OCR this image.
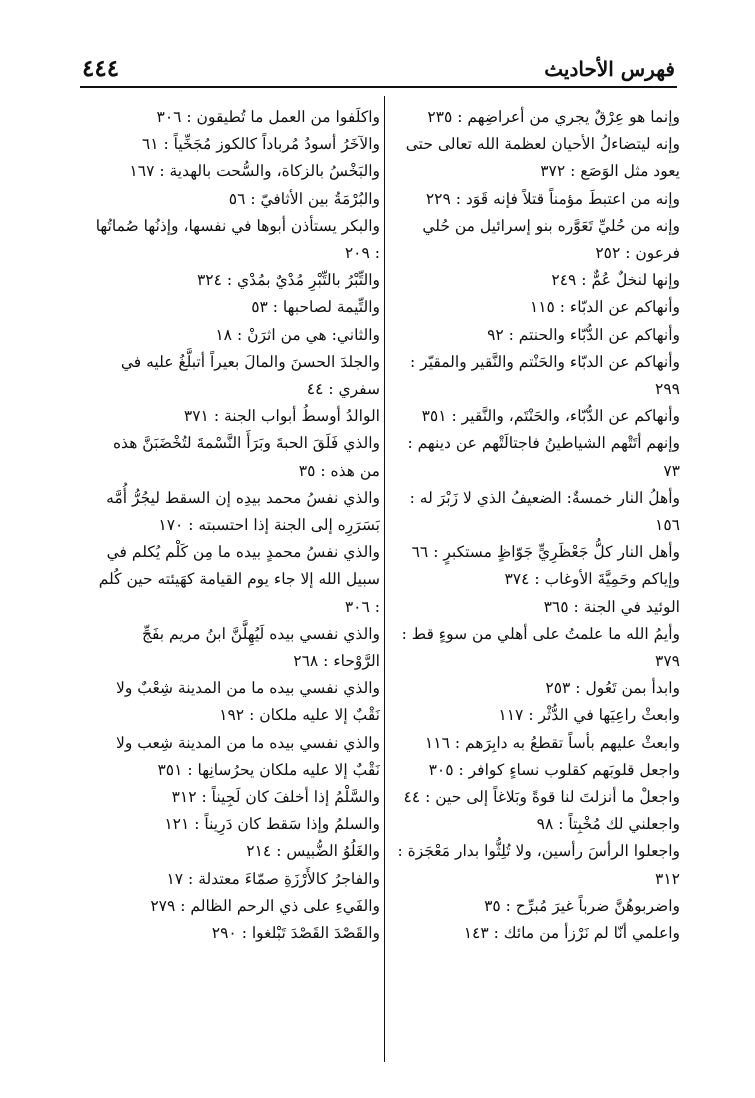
٤٤٤	فهرس الأحاديث

وإنما هو عِرْقٌ يجري من أعراضِهم : ٢٣٥

وإنه ليتضاءلُ الأحيان لعظمة الله تعالى حتى يعود مثل الوَصَع : ٣٧٢

وإنه من اعتبطَ مؤمناً قتلاً فإنه قَوَد : ٢٢٩

وإنه من حُليِّ تَعَوَّره بنو إسرائيل من حُلي فرعون : ٢٥٢

وإنها لنخلٌ عُمٌّ : ٢٤٩

وأنهاكم عن الدبّاء : ١١٥

وأنهاكم عن الدُّبّاء والحنتم : ٩٢

وأنهاكم عن الدبّاء والحَنْتم والنَّقير والمقيّر : ٢٩٩

وأنهاكم عن الدُّبّاء، والحَنْتَم، والنَّقير : ٣٥١

وإنهم أتَتْهم الشياطينُ فاجتالَتْهم عن دينهم : ٧٣

وأهلُ النار خمسةٌ: الضعيفُ الذي لا زَبْرَ له : ١٥٦

وأهل النار كلُّ جَعْظَرِيٍّ جَوّاظٍ مستكبرٍ : ٦٦

وإياكم وحَمِيَّةَ الأوغاب : ٣٧٤

الوئيد في الجنة : ٣٦٥

وأيمُ الله ما علمتُ على أهلي من سوءٍ قط : ٣٧٩

وابدأ بمن تَعُول : ٢٥٣

وابعثْ راعِيَها في الدُّثْر : ١١٧

وابعثْ عليهم بأساً تقطعُ به دابِرَهم : ١١٦

واجعل قلوبَهم كقلوب نساءٍ كوافر : ٣٠٥

واجعلْ ما أنزلتَ لنا قوةً وبَلاغاً إلى حين : ٤٤

واجعلني لك مُخْبِتاً : ٩٨

واجعلوا الرأسَ رأسين، ولا تُلِثُّوا بدار مَعْجَزة : ٣١٢

واضربوهُنَّ ضرباً غيرَ مُبرِّح : ٣٥

واعلمي أنّا لم نَرْزأ من مائك : ١٤٣

واكلَفوا من العمل ما تُطيقون : ٣٠٦

والآخَرُ أسودُ مُرباداً كالكوز مُجَخِّياً : ٦١

والبَخْسُ بالزكاة، والسُّحت بالهدية : ١٦٧

والبُرْمَةُ بين الأثافيّ : ٥٦

والبكر يستأذن أبوها في نفسها، وإذنُها صُماتُها : ٢٠٩

والتِّبْرُ بالتِّبْرِ مُدْيٌ بمُدْي : ٣٢٤

والتِّيمة لصاحبها : ٥٣

والثاني: هي من اثرَنْ : ١٨

والجلدَ الحسنَ والمالَ بعيراً أتبلَّغُ عليه في سفري : ٤٤

الوالدُ أوسطُ أبواب الجنة : ٣٧١

والذي فَلَقَ الحبةَ وبَرَأَ النَّسْمةَ لتُخْضَبَنَّ هذه من هذه : ٣٥

والذي نفسُ محمد بيدِه إن السقط ليجُرُّ أُمَّه بَسَرَرِه إلى الجنة إذا احتسبته : ١٧٠

والذي نفسُ محمدٍ بيده ما مِن كَلْم يُكلم في سبيل الله إلا جاء يوم القيامة كهَيئته حين كُلم : ٣٠٦

والذي نفسي بيده لَيُهِلَّنَّ ابنُ مريم بفَجِّ الرَّوْحاء : ٢٦٨

والذي نفسي بيده ما من المدينة شِعْبٌ ولا نَقْبٌ إلا عليه ملكان : ١٩٢

والذي نفسي بيده ما من المدينة شِعب ولا نَقْبٌ إلا عليه ملكان يحرُسانِها : ٣٥١

والسَّلْمُ إذا أخلفَ كان لَجِيناً : ٣١٢

والسلمُ وإذا سَقط كان دَرِيناً : ١٢١

والغَلُوُ الضُّبيس : ٢١٤

والفاجرُ كالأَرْزَةِ صمّاءَ معتدلة : ١٧

والفَيءِ على ذي الرحم الظالم : ٢٧٩

والقَصْدَ القَصْدَ تَبْلغوا : ٢٩٠
